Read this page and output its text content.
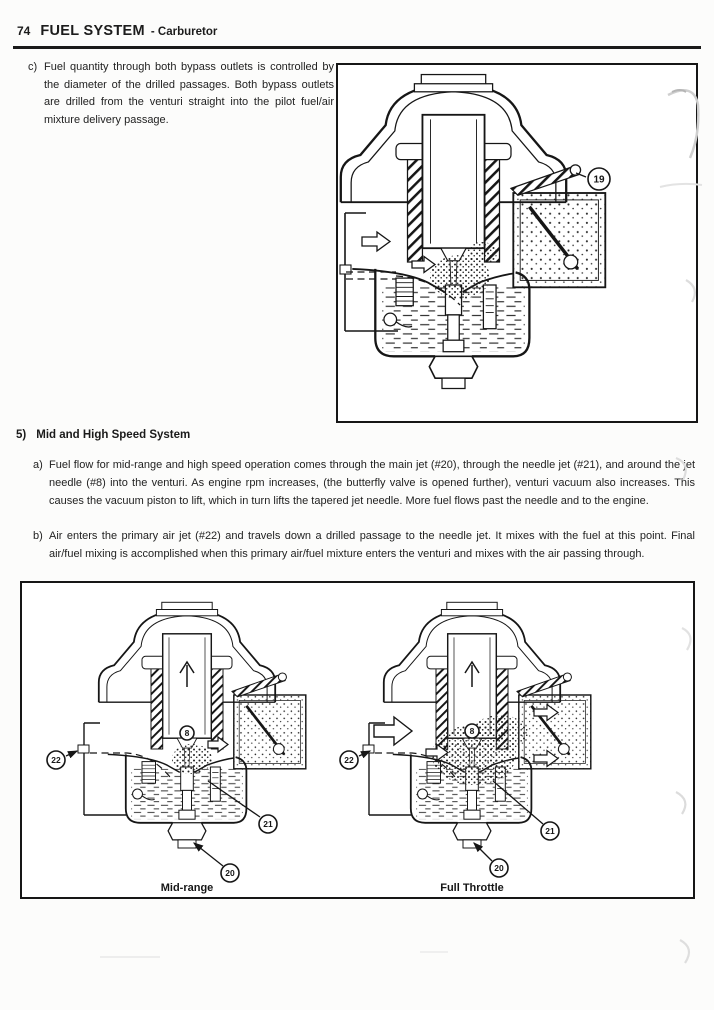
74 FUEL SYSTEM - Carburetor
c) Fuel quantity through both bypass outlets is controlled by the diameter of the drilled passages. Both bypass outlets are drilled from the venturi straight into the pilot fuel/air mixture delivery passage.
19
5) Mid and High Speed System
a) Fuel flow for mid-range and high speed operation comes through the main jet (#20), through the needle jet (#21), and around the jet needle (#8) into the venturi. As engine rpm increases, (the butterfly valve is opened further), venturi vacuum also increases. This causes the vacuum piston to lift, which in turn lifts the tapered jet needle. More fuel flows past the needle and to the engine.
b) Air enters the primary air jet (#22) and travels down a drilled passage to the needle jet. It mixes with the fuel at this point. Final air/fuel mixing is accomplished when this primary air/fuel mixture enters the venturi and mixes with the air passing through.
22
8
21
20
Mid-range
22
8
21
20
Full Throttle
